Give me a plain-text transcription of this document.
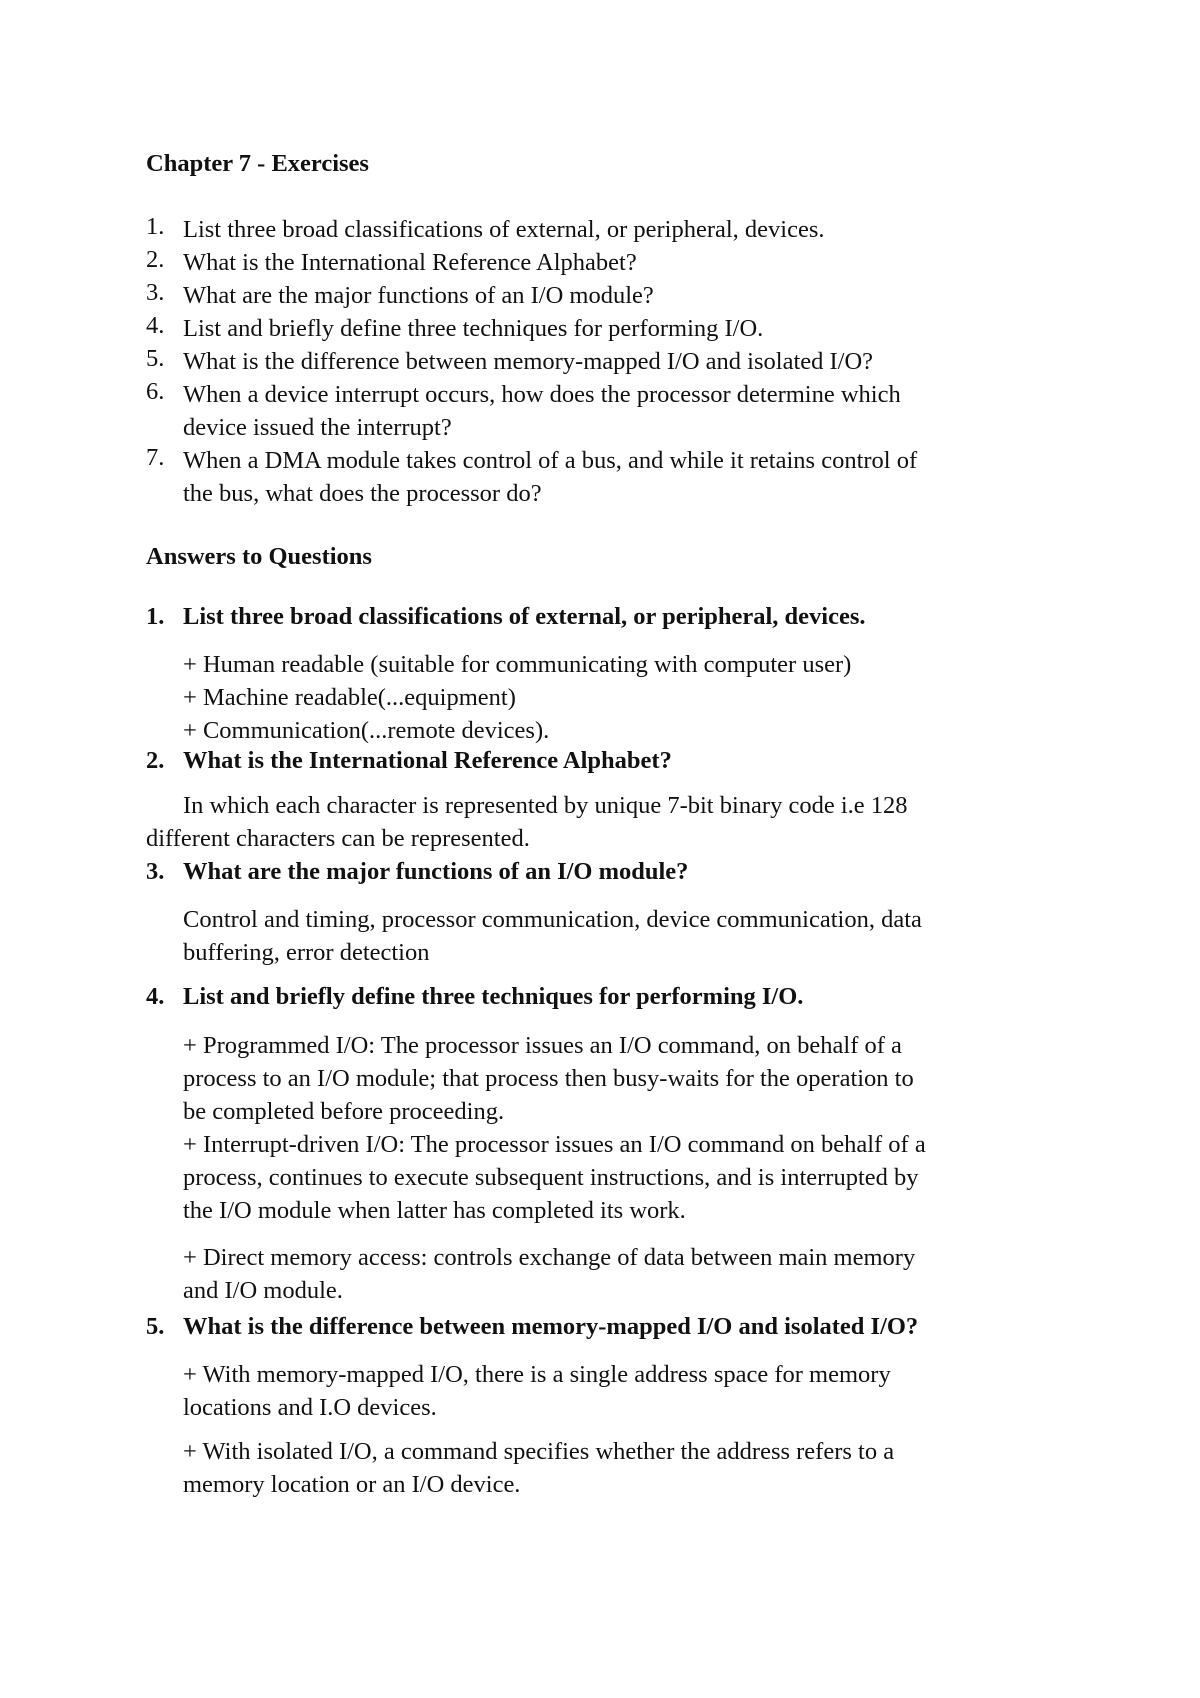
Chapter 7 - Exercises
1. List three broad classifications of external, or peripheral, devices.
2. What is the International Reference Alphabet?
3. What are the major functions of an I/O module?
4. List and briefly define three techniques for performing I/O.
5. What is the difference between memory-mapped I/O and isolated I/O?
6. When a device interrupt occurs, how does the processor determine which
device issued the interrupt?
7. When a DMA module takes control of a bus, and while it retains control of
the bus, what does the processor do?
Answers to Questions
1. List three broad classifications of external, or peripheral, devices.
+ Human readable (suitable for communicating with computer user)
+ Machine readable(...equipment)
+ Communication(...remote devices).
2. What is the International Reference Alphabet?
In which each character is represented by unique 7-bit binary code i.e 128
different characters can be represented.
3. What are the major functions of an I/O module?
Control and timing, processor communication, device communication, data
buffering, error detection
4. List and briefly define three techniques for performing I/O.
+ Programmed I/O: The processor issues an I/O command, on behalf of a
process to an I/O module; that process then busy-waits for the operation to
be completed before proceeding.
+ Interrupt-driven I/O: The processor issues an I/O command on behalf of a
process, continues to execute subsequent instructions, and is interrupted by
the I/O module when latter has completed its work.
+ Direct memory access: controls exchange of data between main memory
and I/O module.
5. What is the difference between memory-mapped I/O and isolated I/O?
+ With memory-mapped I/O, there is a single address space for memory
locations and I.O devices.
+ With isolated I/O, a command specifies whether the address refers to a
memory location or an I/O device.
